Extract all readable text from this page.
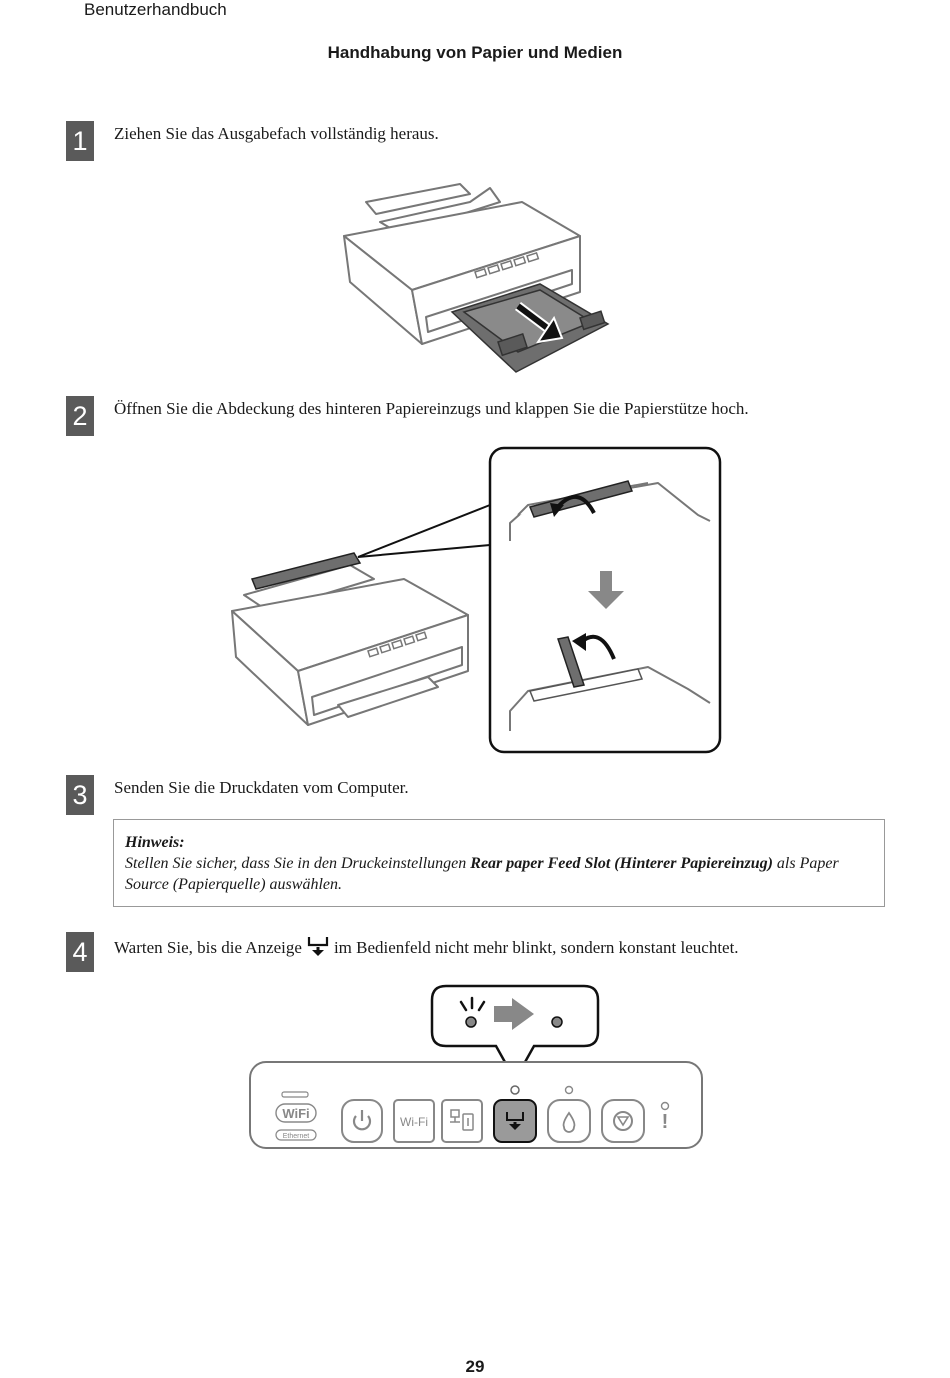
Benutzerhandbuch
Handhabung von Papier und Medien
1	Ziehen Sie das Ausgabefach vollständig heraus.
2	Öffnen Sie die Abdeckung des hinteren Papiereinzugs und klappen Sie die Papierstütze hoch.
3	Senden Sie die Druckdaten vom Computer.
Hinweis:
Stellen Sie sicher, dass Sie in den Druckeinstellungen Rear paper Feed Slot (Hinterer Papiereinzug) als Paper Source (Papierquelle) auswählen.
4	Warten Sie, bis die Anzeige im Bedienfeld nicht mehr blinkt, sondern konstant leuchtet.
WiFi
Ethernet
Wi-Fi	!
29
